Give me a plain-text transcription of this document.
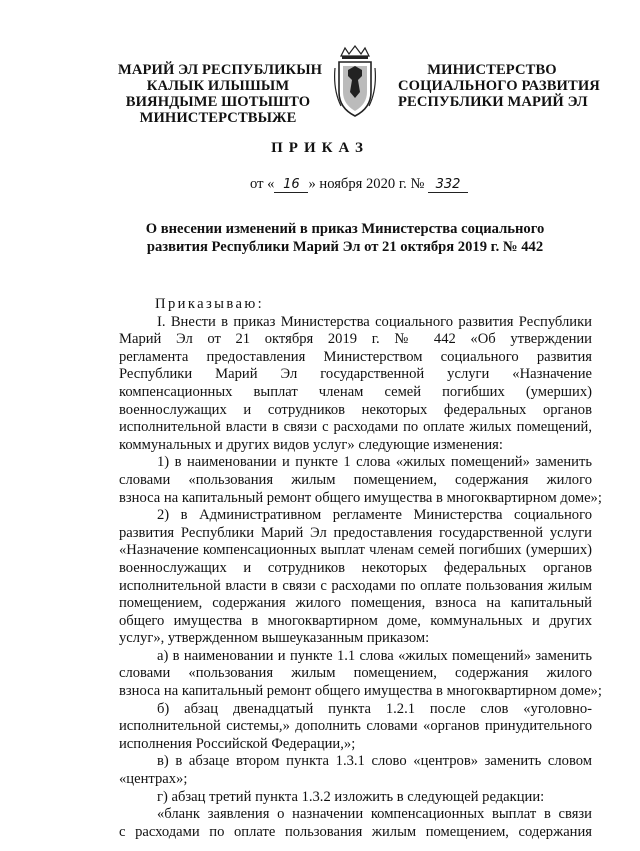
МАРИЙ ЭЛ РЕСПУБЛИКЫН
КАЛЫК ИЛЫШЫМ
ВИЯНДЫМЕ ШОТЫШТО
МИНИСТЕРСТВЫЖЕ
МИНИСТЕРСТВО
СОЦИАЛЬНОГО РАЗВИТИЯ
РЕСПУБЛИКИ МАРИЙ ЭЛ
ПРИКАЗ
от « 16 » ноября 2020 г. № 332
О внесении изменений в приказ Министерства социального
развития Республики Марий Эл от 21 октября 2019 г. № 442
Приказываю:
I. Внести в приказ Министерства социального развития Республики
Марий Эл от 21 октября 2019 г. № 442 «Об утверждении
регламента предоставления Министерством социального развития
Республики Марий Эл государственной услуги «Назначение
компенсационных выплат членам семей погибших (умерших)
военнослужащих и сотрудников некоторых федеральных органов
исполнительной власти в связи с расходами по оплате жилых помещений,
коммунальных и других видов услуг» следующие изменения:
1) в наименовании и пункте 1 слова «жилых помещений» заменить
словами «пользования жилым помещением, содержания жилого
взноса на капитальный ремонт общего имущества в многоквартирном доме»;
2) в Административном регламенте Министерства социального
развития Республики Марий Эл предоставления государственной услуги
«Назначение компенсационных выплат членам семей погибших (умерших)
военнослужащих и сотрудников некоторых федеральных органов
исполнительной власти в связи с расходами по оплате пользования жилым
помещением, содержания жилого помещения, взноса на капитальный
общего имущества в многоквартирном доме, коммунальных и других
услуг», утвержденном вышеуказанным приказом:
а) в наименовании и пункте 1.1 слова «жилых помещений» заменить
словами «пользования жилым помещением, содержания жилого
взноса на капитальный ремонт общего имущества в многоквартирном доме»;
б) абзац двенадцатый пункта 1.2.1 после слов «уголовно-
исполнительной системы,» дополнить словами «органов принудительного
исполнения Российской Федерации,»;
в) в абзаце втором пункта 1.3.1 слово «центров» заменить словом
«центрах»;
г) абзац третий пункта 1.3.2 изложить в следующей редакции:
«бланк заявления о назначении компенсационных выплат в связи
с расходами по оплате пользования жилым помещением, содержания
